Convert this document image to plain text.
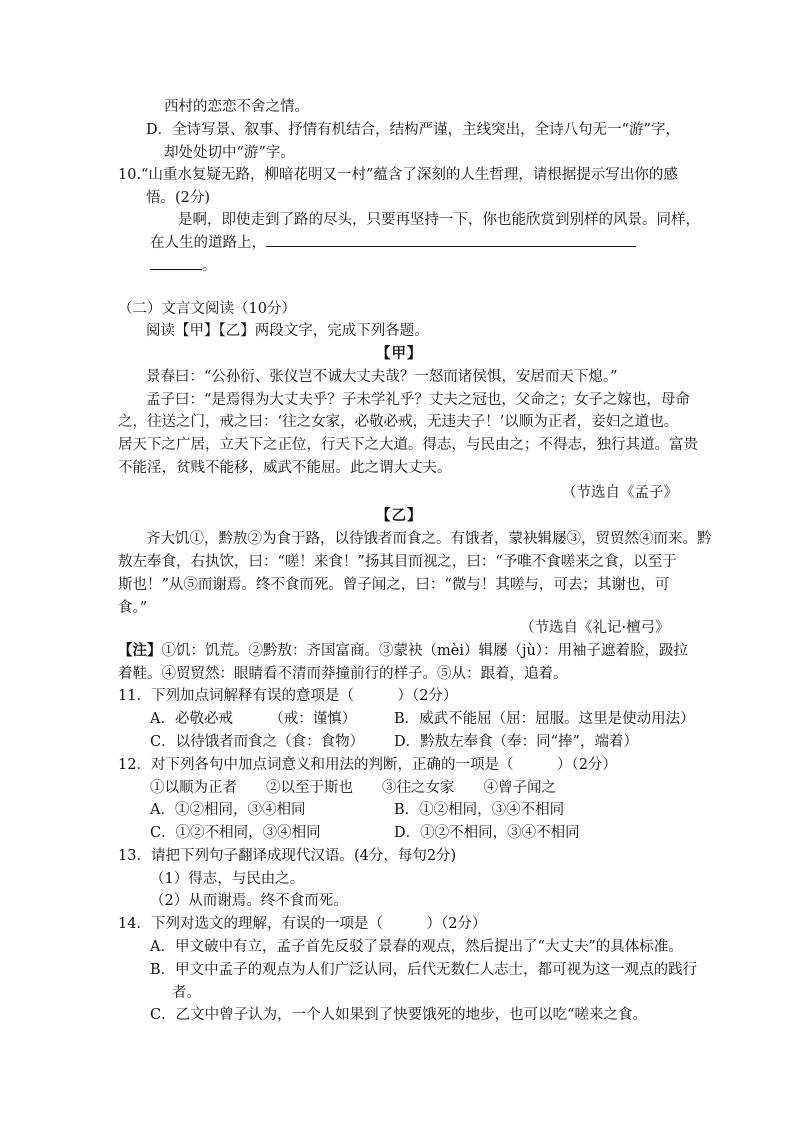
西村的恋恋不舍之情。
D．全诗写景、叙事、抒情有机结合，结构严谨，主线突出，全诗八句无一“游”字，
却处处切中“游”字。
10.“山重水复疑无路，柳暗花明又一村”蕴含了深刻的人生哲理，请根据提示写出你的感
悟。(2分)
是啊，即使走到了路的尽头，只要再坚持一下，你也能欣赏到别样的风景。同样，
在人生的道路上，
。
（二）文言文阅读（10分）
阅读【甲】【乙】两段文字，完成下列各题。
【甲】
景春曰：“公孙衍、张仪岂不诚大丈夫哉？一怒而诸侯惧，安居而天下熄。”
孟子曰：“是焉得为大丈夫乎？子未学礼乎？丈夫之冠也，父命之；女子之嫁也，母命
之，往送之门，戒之曰：‘往之女家，必敬必戒，无违夫子！’以顺为正者，妾妇之道也。
居天下之广居，立天下之正位，行天下之大道。得志，与民由之；不得志，独行其道。富贵
不能淫，贫贱不能移，威武不能屈。此之谓大丈夫。
（节选自《孟子》
【乙】
齐大饥①，黔敖②为食于路，以待饿者而食之。有饿者，蒙袂辑屦③，贸贸然④而来。黔
敖左奉食，右执饮，曰：“嗟！来食！”扬其目而视之，曰：“予唯不食嗟来之食，以至于
斯也！”从⑤而谢焉。终不食而死。曾子闻之，曰：“微与！其嗟与，可去；其谢也，可
食。”
（节选自《礼记·檀弓》
【注】①饥：饥荒。②黔敖：齐国富商。③蒙袂（mèi）辑屦（jù）：用袖子遮着脸，趿拉
着鞋。④贸贸然：眼睛看不清而莽撞前行的样子。⑤从：跟着，追着。
11．下列加点词解释有误的意项是（　　　）（2分）
A．必敬必戒　　　（戒：谨慎）	B．威武不能屈（屈：屈服。这里是使动用法）
C．以待饿者而食之（食：食物） D．黔敖左奉食（奉：同“捧”，端着）
12．对下列各句中加点词意义和用法的判断，正确的一项是（　　　）（2分）
①以顺为正者　　②以至于斯也　　③往之女家　　④曾子闻之
A．①②相同，③④相同	B．①②相同，③④不相同
C．①②不相同，③④相同	D．①②不相同，③④不相同
13．请把下列句子翻译成现代汉语。(4分，每句2分)
（1）得志，与民由之。
（2）从而谢焉。终不食而死。
14．下列对选文的理解，有误的一项是（　　　）（2分）
A．甲文破中有立，孟子首先反驳了景春的观点，然后提出了“大丈夫”的具体标准。
B．甲文中孟子的观点为人们广泛认同，后代无数仁人志士，都可视为这一观点的践行
者。
C．乙文中曾子认为，一个人如果到了快要饿死的地步，也可以吃“嗟来之食。
